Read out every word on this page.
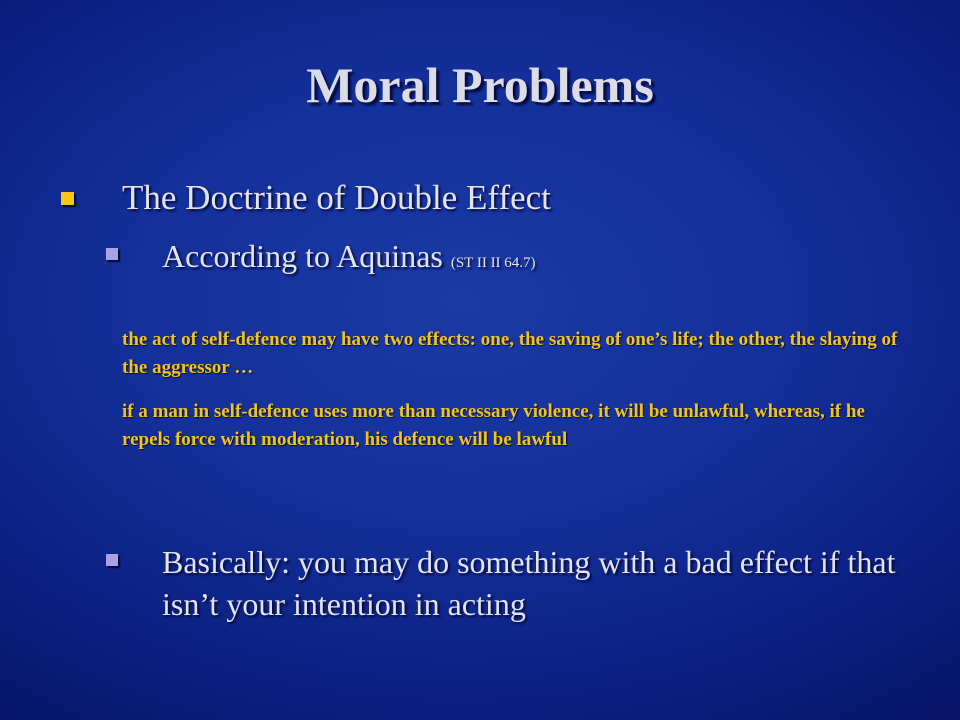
Moral Problems
The Doctrine of Double Effect
According to Aquinas (ST II II 64.7)
the act of self-defence may have two effects: one, the saving of one’s life; the other, the slaying of the aggressor …
if a man in self-defence uses more than necessary violence, it will be unlawful, whereas, if he repels force with moderation, his defence will be lawful
Basically: you may do something with a bad effect if that isn’t your intention in acting
